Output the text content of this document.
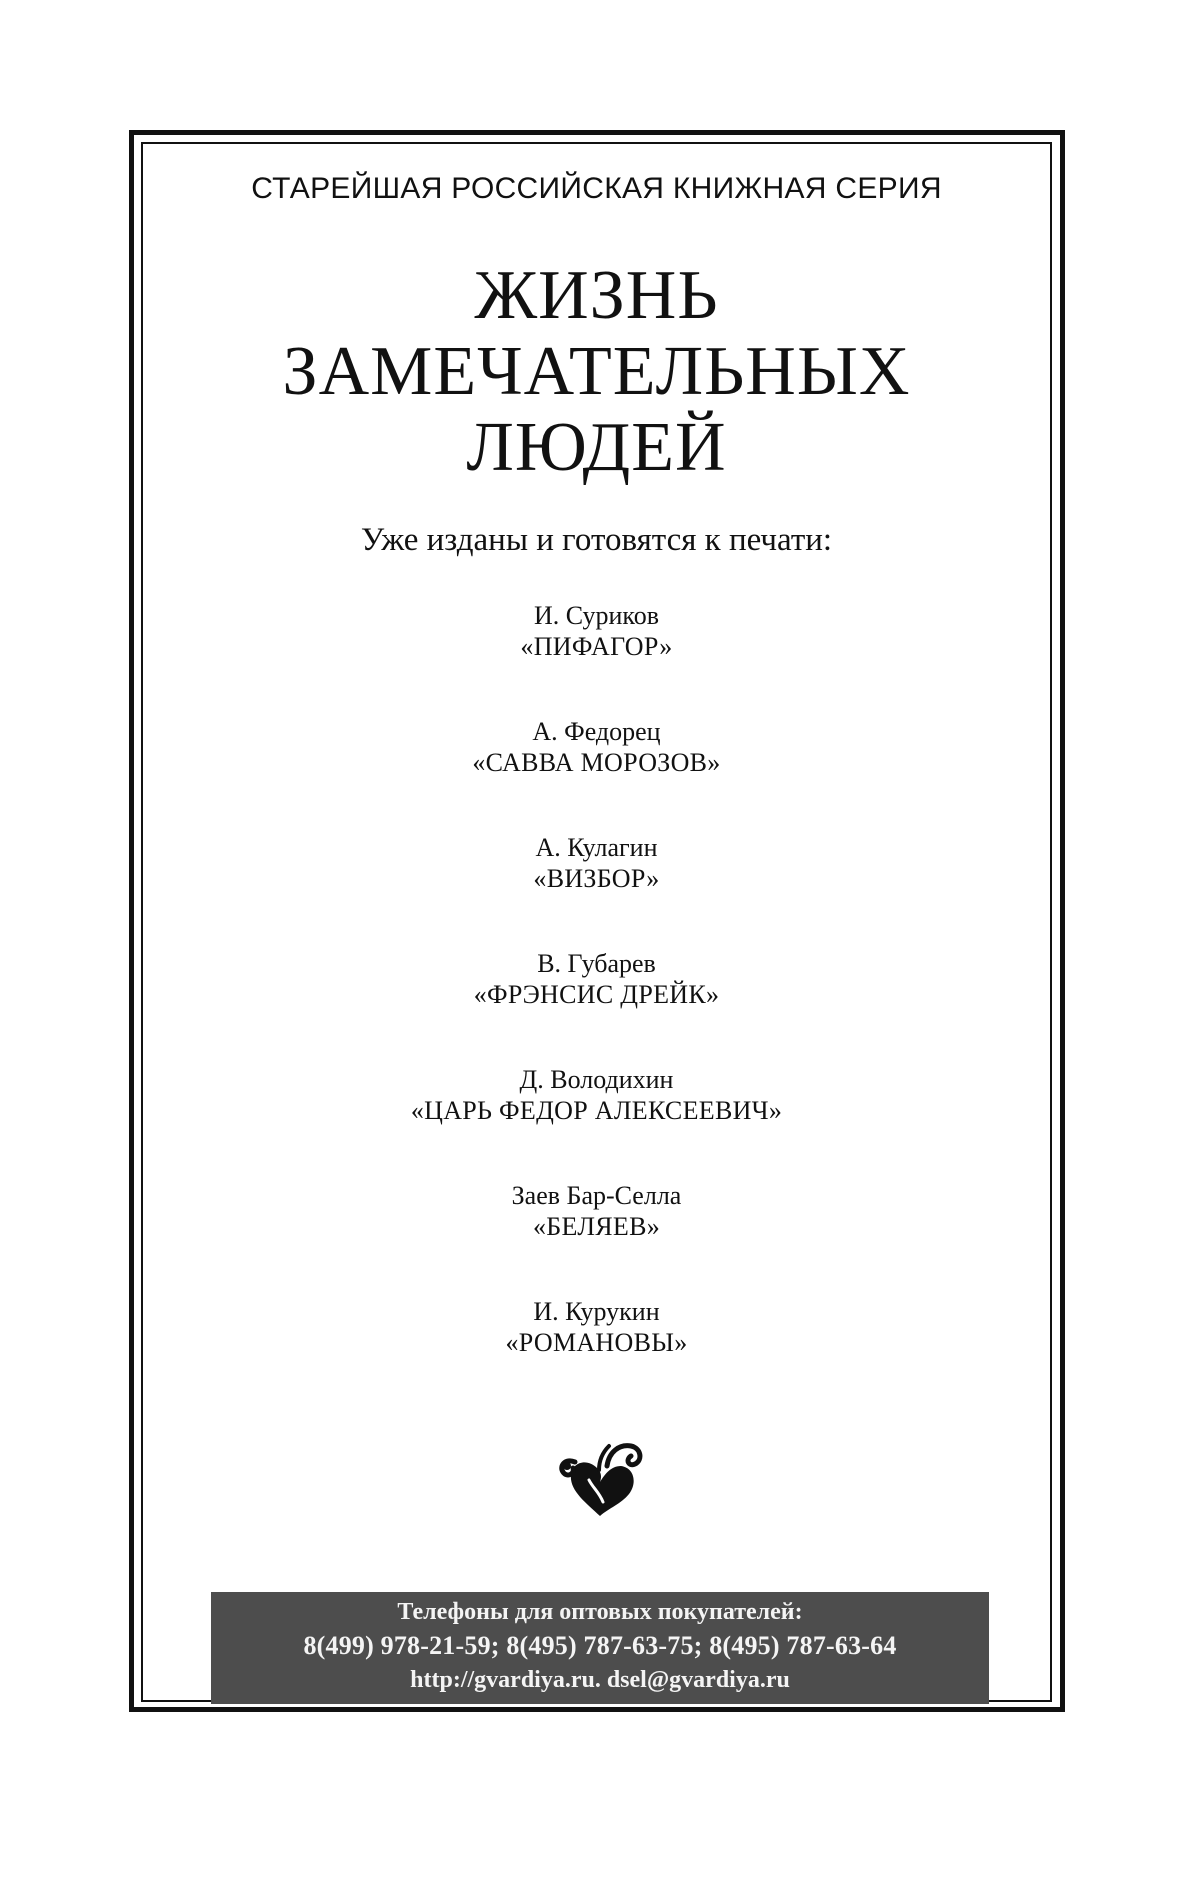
СТАРЕЙШАЯ РОССИЙСКАЯ КНИЖНАЯ СЕРИЯ
ЖИЗНЬ
ЗАМЕЧАТЕЛЬНЫХ
ЛЮДЕЙ
Уже изданы и готовятся к печати:
И. Суриков
«ПИФАГОР»
А. Федорец
«САВВА МОРОЗОВ»
А. Кулагин
«ВИЗБОР»
В. Губарев
«ФРЭНСИС ДРЕЙК»
Д. Володихин
«ЦАРЬ ФЕДОР АЛЕКСЕЕВИЧ»
Заев Бар-Селла
«БЕЛЯЕВ»
И. Курукин
«РОМАНОВЫ»
Телефоны для оптовых покупателей:
8(499) 978-21-59; 8(495) 787-63-75; 8(495) 787-63-64
http://gvardiya.ru. dsel@gvardiya.ru
